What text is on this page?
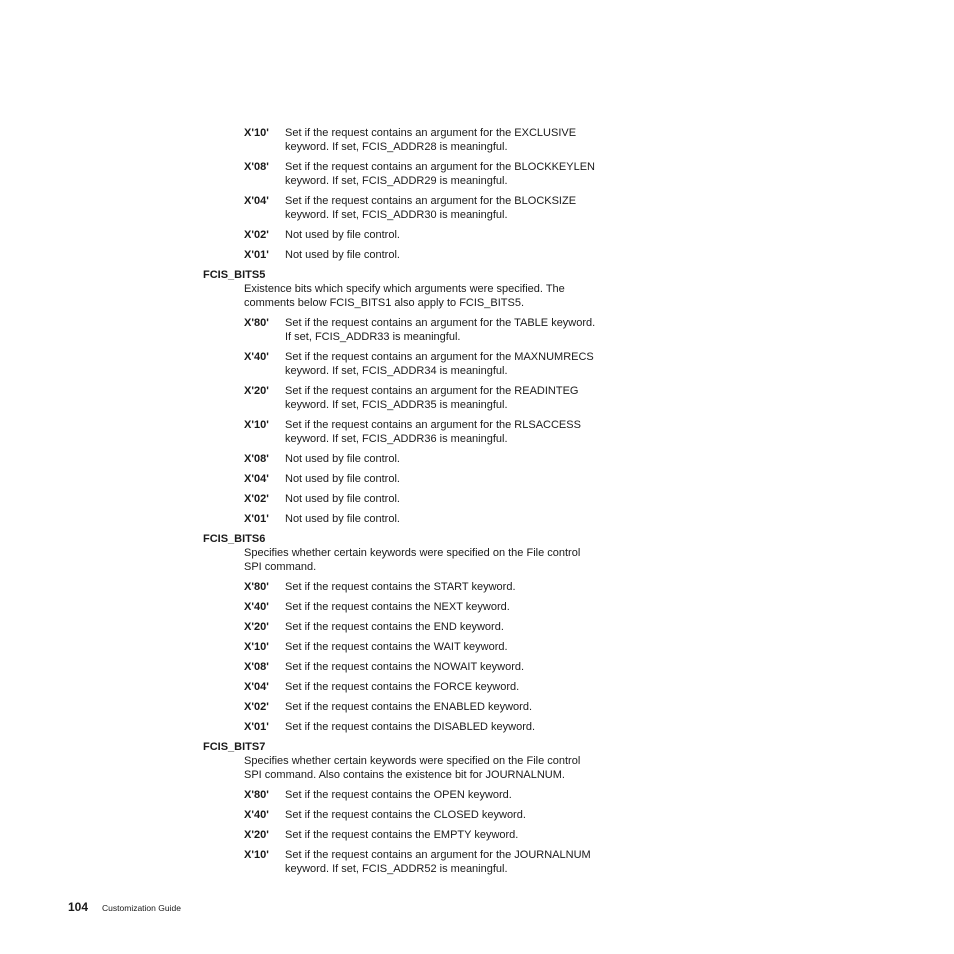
X'10'	Set if the request contains an argument for the EXCLUSIVE
keyword. If set, FCIS_ADDR28 is meaningful.
X'08'	Set if the request contains an argument for the BLOCKKEYLEN
keyword. If set, FCIS_ADDR29 is meaningful.
X'04'	Set if the request contains an argument for the BLOCKSIZE
keyword. If set, FCIS_ADDR30 is meaningful.
X'02'	Not used by file control.
X'01'	Not used by file control.
FCIS_BITS5
Existence bits which specify which arguments were specified. The
comments below FCIS_BITS1 also apply to FCIS_BITS5.
X'80'	Set if the request contains an argument for the TABLE keyword.
If set, FCIS_ADDR33 is meaningful.
X'40'	Set if the request contains an argument for the MAXNUMRECS
keyword. If set, FCIS_ADDR34 is meaningful.
X'20'	Set if the request contains an argument for the READINTEG
keyword. If set, FCIS_ADDR35 is meaningful.
X'10'	Set if the request contains an argument for the RLSACCESS
keyword. If set, FCIS_ADDR36 is meaningful.
X'08'	Not used by file control.
X'04'	Not used by file control.
X'02'	Not used by file control.
X'01'	Not used by file control.
FCIS_BITS6
Specifies whether certain keywords were specified on the File control
SPI command.
X'80'	Set if the request contains the START keyword.
X'40'	Set if the request contains the NEXT keyword.
X'20'	Set if the request contains the END keyword.
X'10'	Set if the request contains the WAIT keyword.
X'08'	Set if the request contains the NOWAIT keyword.
X'04'	Set if the request contains the FORCE keyword.
X'02'	Set if the request contains the ENABLED keyword.
X'01'	Set if the request contains the DISABLED keyword.
FCIS_BITS7
Specifies whether certain keywords were specified on the File control
SPI command. Also contains the existence bit for JOURNALNUM.
X'80'	Set if the request contains the OPEN keyword.
X'40'	Set if the request contains the CLOSED keyword.
X'20'	Set if the request contains the EMPTY keyword.
X'10'	Set if the request contains an argument for the JOURNALNUM
keyword. If set, FCIS_ADDR52 is meaningful.
104 Customization Guide
